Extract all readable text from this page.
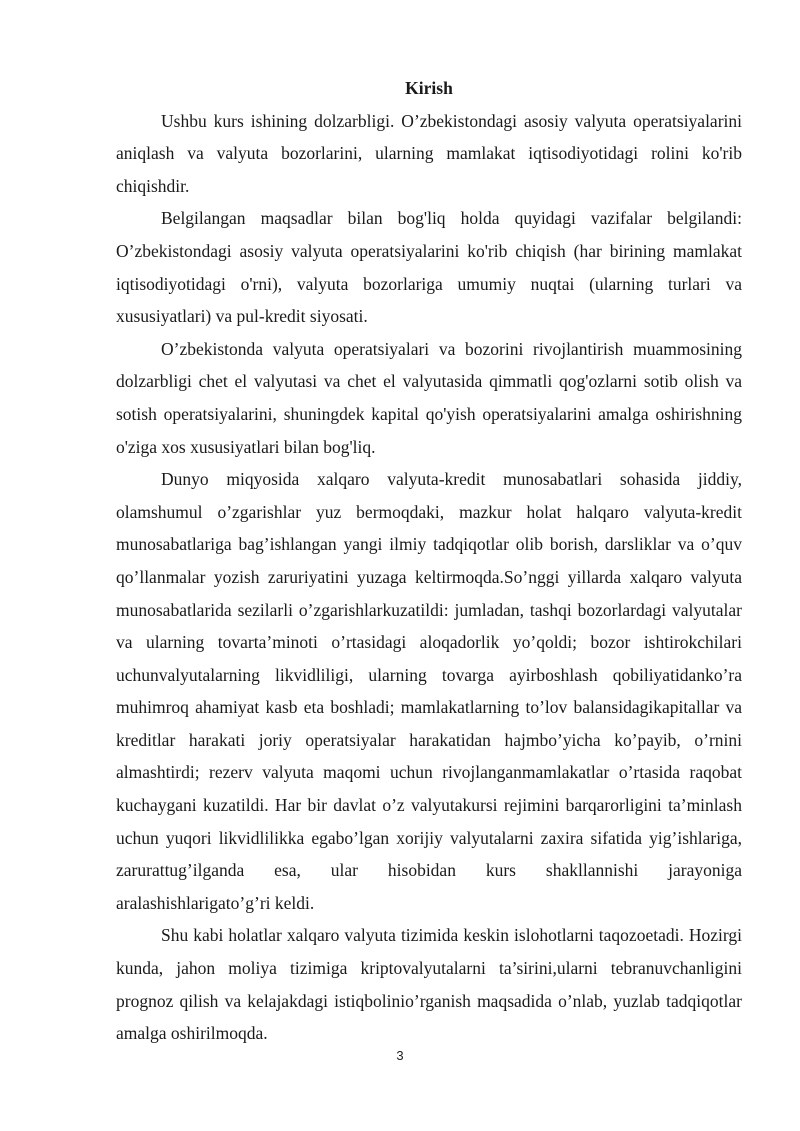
Kirish

Ushbu kurs ishining dolzarbligi. O’zbekistondagi asosiy valyuta operatsiyalarini aniqlash va valyuta bozorlarini, ularning mamlakat iqtisodiyotidagi rolini ko'rib chiqishdir.

Belgilangan maqsadlar bilan bog'liq holda quyidagi vazifalar belgilandi: O’zbekistondagi asosiy valyuta operatsiyalarini ko'rib chiqish (har birining mamlakat iqtisodiyotidagi o'rni), valyuta bozorlariga umumiy nuqtai (ularning turlari va xususiyatlari) va pul-kredit siyosati.

O’zbekistonda valyuta operatsiyalari va bozorini rivojlantirish muammosining dolzarbligi chet el valyutasi va chet el valyutasida qimmatli qog'ozlarni sotib olish va sotish operatsiyalarini, shuningdek kapital qo'yish operatsiyalarini amalga oshirishning o'ziga xos xususiyatlari bilan bog'liq.

Dunyo miqyosida xalqaro valyuta-kredit munosabatlari sohasida jiddiy, olamshumul o’zgarishlar yuz bermoqdaki, mazkur holat halqaro valyuta-kredit munosabatlariga bag’ishlangan yangi ilmiy tadqiqotlar olib borish, darsliklar va o’quv qo’llanmalar yozish zaruriyatini yuzaga keltirmoqda.So’nggi yillarda xalqaro valyuta munosabatlarida sezilarli o’zgarishlarkuzatildi: jumladan, tashqi bozorlardagi valyutalar va ularning tovarta’minoti o’rtasidagi aloqadorlik yo’qoldi; bozor ishtirokchilari uchunvalyutalarning likvidliligi, ularning tovarga ayirboshlash qobiliyatidanko’ra muhimroq ahamiyat kasb eta boshladi; mamlakatlarning to’lov balansidagikapitallar va kreditlar harakati joriy operatsiyalar harakatidan hajmbo’yicha ko’payib, o’rnini almashtirdi; rezerv valyuta maqomi uchun rivojlanganmamlakatlar o’rtasida raqobat kuchaygani kuzatildi. Har bir davlat o’z valyutakursi rejimini barqarorligini ta’minlash uchun yuqori likvidlilikka egabo’lgan xorijiy valyutalarni zaxira sifatida yig’ishlariga, zarurattug’ilganda esa, ular hisobidan kurs shakllannishi jarayoniga aralashishlarigato’g’ri keldi.

Shu kabi holatlar xalqaro valyuta tizimida keskin islohotlarni taqozoetadi. Hozirgi kunda, jahon moliya tizimiga kriptovalyutalarni ta’sirini,ularni tebranuvchanligini prognoz qilish va kelajakdagi istiqbolinio’rganish maqsadida o’nlab, yuzlab tadqiqotlar amalga oshirilmoqda.

3
